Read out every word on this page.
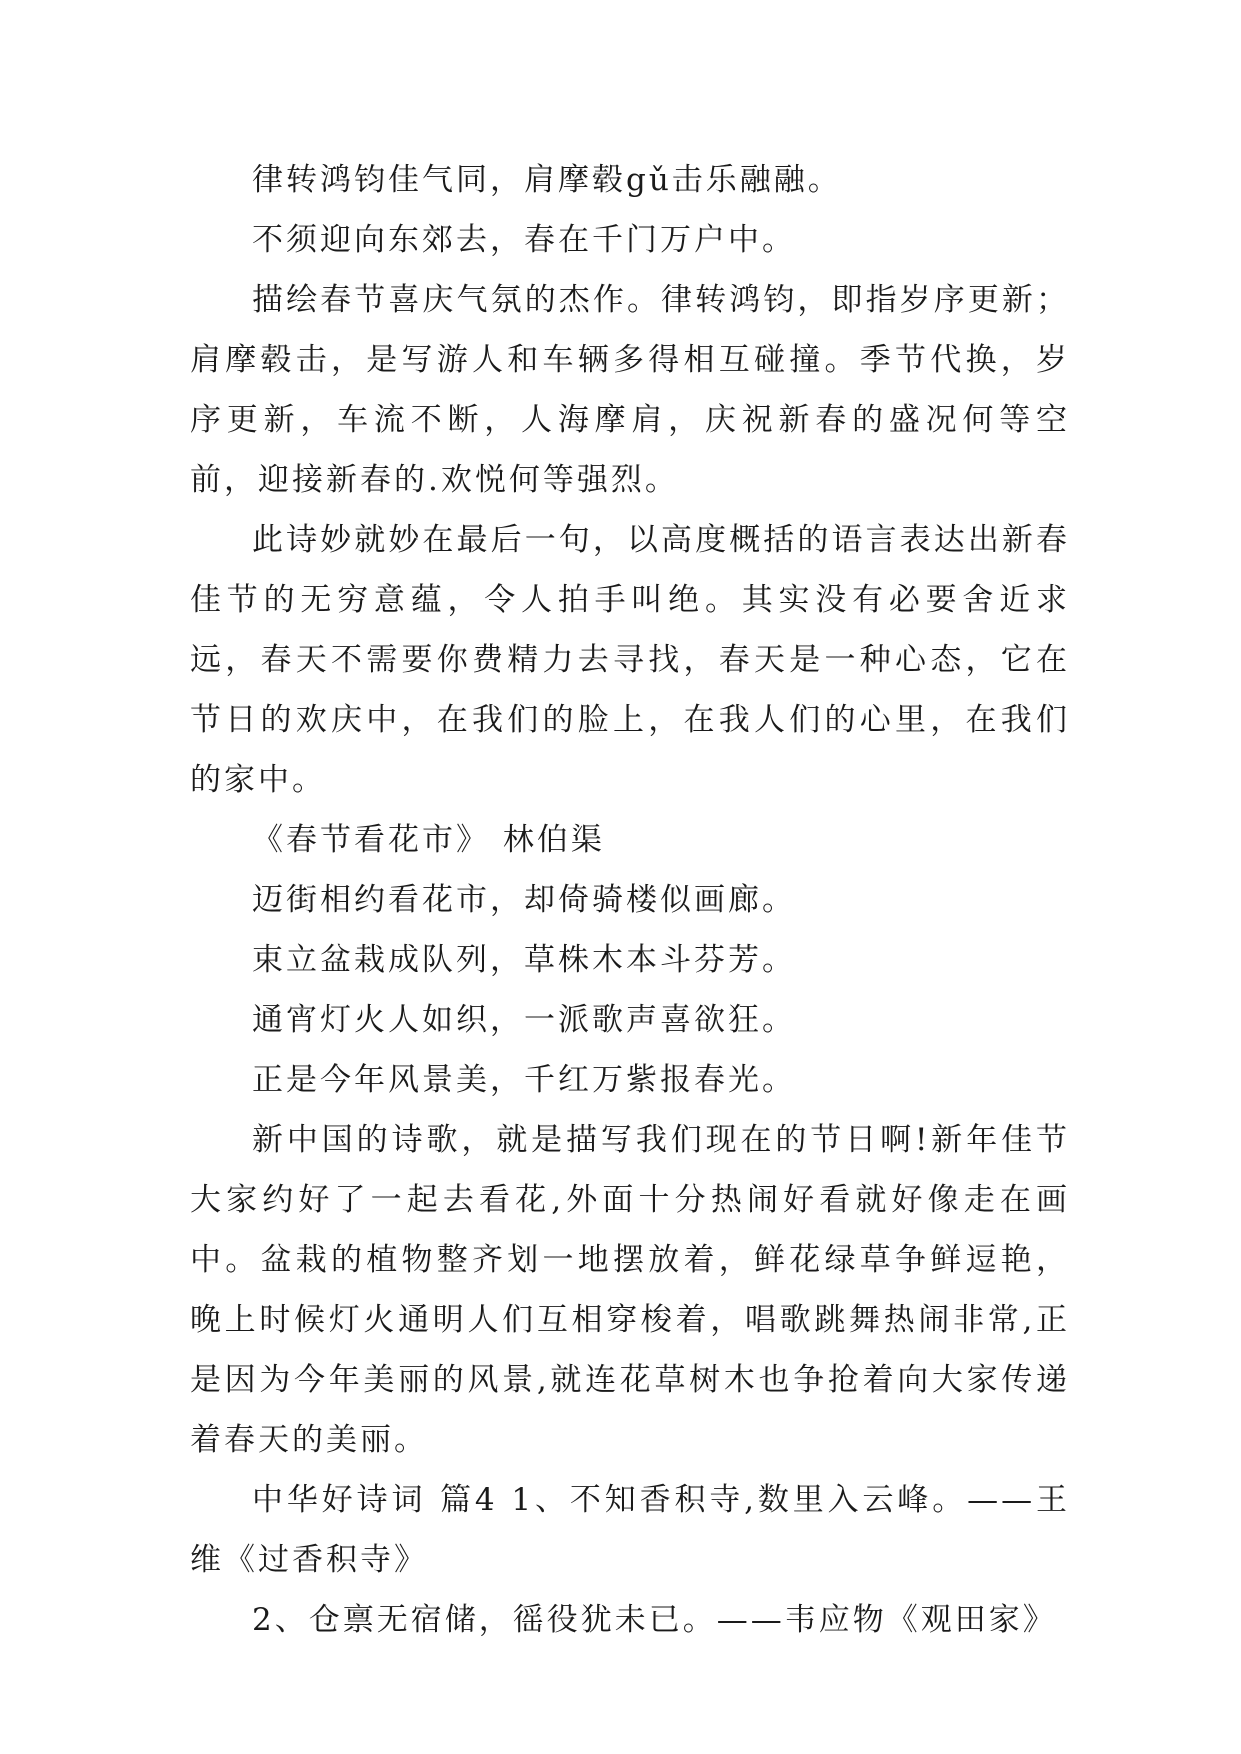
律转鸿钧佳气同，肩摩毂gǔ击乐融融。

不须迎向东郊去，春在千门万户中。

描绘春节喜庆气氛的杰作。律转鸿钧，即指岁序更新；肩摩毂击，是写游人和车辆多得相互碰撞。季节代换，岁序更新，车流不断，人海摩肩，庆祝新春的盛况何等空前，迎接新春的.欢悦何等强烈。

此诗妙就妙在最后一句，以高度概括的语言表达出新春佳节的无穷意蕴，令人拍手叫绝。其实没有必要舍近求远，春天不需要你费精力去寻找，春天是一种心态，它在节日的欢庆中，在我们的脸上，在我人们的心里，在我们的家中。

《春节看花市》 林伯渠

迈街相约看花市，却倚骑楼似画廊。

束立盆栽成队列，草株木本斗芬芳。

通宵灯火人如织，一派歌声喜欲狂。

正是今年风景美，千红万紫报春光。

新中国的诗歌，就是描写我们现在的节日啊!新年佳节大家约好了一起去看花,外面十分热闹好看就好像走在画中。盆栽的植物整齐划一地摆放着，鲜花绿草争鲜逗艳，晚上时候灯火通明人们互相穿梭着，唱歌跳舞热闹非常,正是因为今年美丽的风景,就连花草树木也争抢着向大家传递着春天的美丽。

中华好诗词 篇4 1、不知香积寺,数里入云峰。——王维《过香积寺》

2、仓禀无宿储，徭役犹未已。——韦应物《观田家》
